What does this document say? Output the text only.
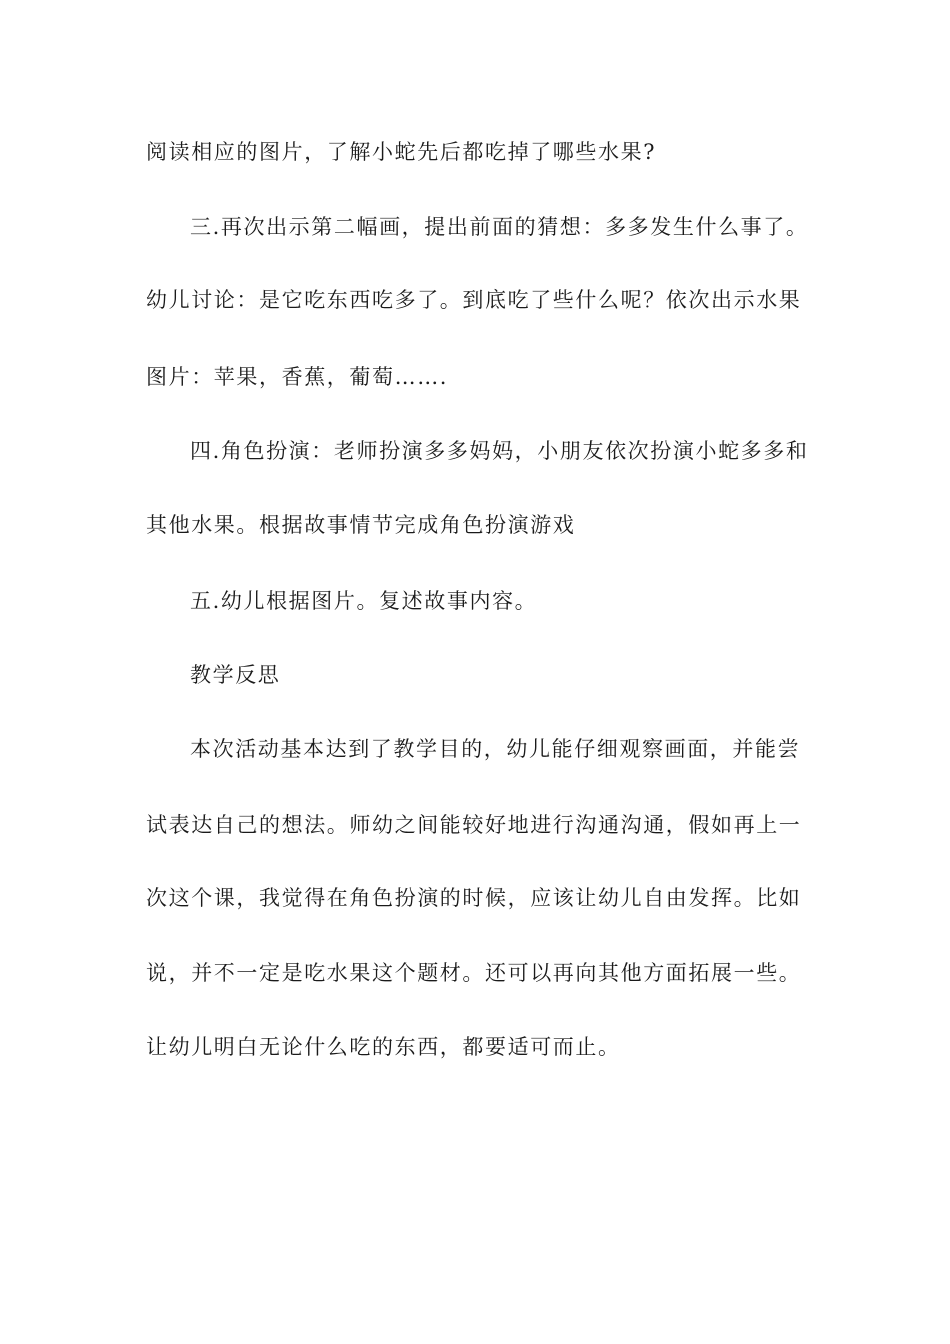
阅读相应的图片，了解小蛇先后都吃掉了哪些水果?
三.再次出示第二幅画，提出前面的猜想：多多发生什么事了。
幼儿讨论：是它吃东西吃多了。到底吃了些什么呢？依次出示水果
图片：苹果，香蕉，葡萄…….
四.角色扮演：老师扮演多多妈妈，小朋友依次扮演小蛇多多和
其他水果。根据故事情节完成角色扮演游戏
五.幼儿根据图片。复述故事内容。
教学反思
本次活动基本达到了教学目的，幼儿能仔细观察画面，并能尝
试表达自己的想法。师幼之间能较好地进行沟通沟通，假如再上一
次这个课，我觉得在角色扮演的时候，应该让幼儿自由发挥。比如
说，并不一定是吃水果这个题材。还可以再向其他方面拓展一些。
让幼儿明白无论什么吃的东西，都要适可而止。
